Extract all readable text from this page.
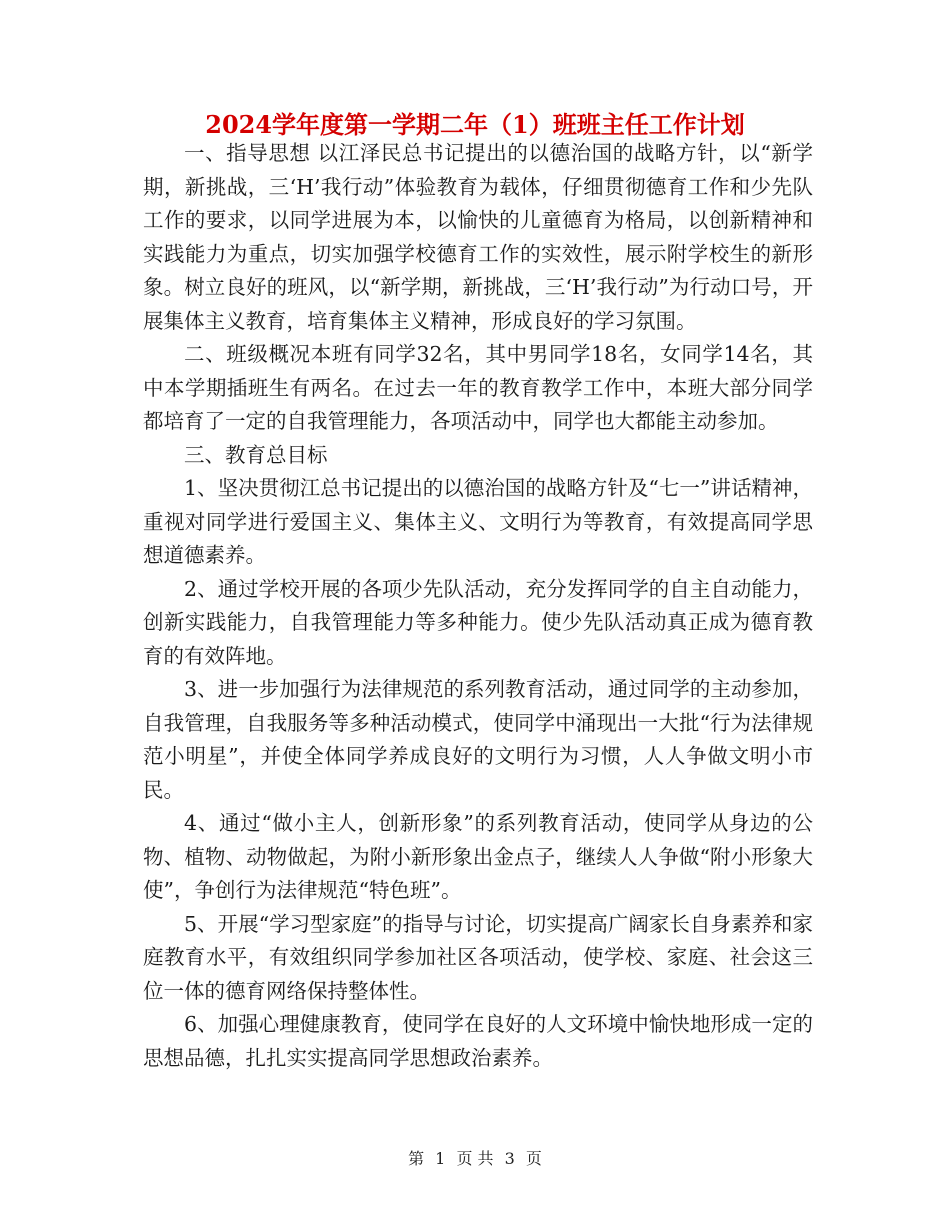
2024学年度第一学期二年（1）班班主任工作计划

一、指导思想 以江泽民总书记提出的以德治国的战略方针，以“新学期，新挑战，三‘H’我行动”体验教育为载体，仔细贯彻德育工作和少先队工作的要求，以同学进展为本，以愉快的儿童德育为格局，以创新精神和实践能力为重点，切实加强学校德育工作的实效性，展示附学校生的新形象。树立良好的班风，以“新学期，新挑战，三‘H’我行动”为行动口号，开展集体主义教育，培育集体主义精神，形成良好的学习氛围。

二、班级概况本班有同学32名，其中男同学18名，女同学14名，其中本学期插班生有两名。在过去一年的教育教学工作中，本班大部分同学都培育了一定的自我管理能力，各项活动中，同学也大都能主动参加。

三、教育总目标

1、坚决贯彻江总书记提出的以德治国的战略方针及“七一”讲话精神，重视对同学进行爱国主义、集体主义、文明行为等教育，有效提高同学思想道德素养。

2、通过学校开展的各项少先队活动，充分发挥同学的自主自动能力，创新实践能力，自我管理能力等多种能力。使少先队活动真正成为德育教育的有效阵地。

3、进一步加强行为法律规范的系列教育活动，通过同学的主动参加，自我管理，自我服务等多种活动模式，使同学中涌现出一大批“行为法律规范小明星”，并使全体同学养成良好的文明行为习惯，人人争做文明小市民。

4、通过“做小主人，创新形象”的系列教育活动，使同学从身边的公物、植物、动物做起，为附小新形象出金点子，继续人人争做“附小形象大使”，争创行为法律规范“特色班”。

5、开展“学习型家庭”的指导与讨论，切实提高广阔家长自身素养和家庭教育水平，有效组织同学参加社区各项活动，使学校、家庭、社会这三位一体的德育网络保持整体性。

6、加强心理健康教育，使同学在良好的人文环境中愉快地形成一定的思想品德，扎扎实实提高同学思想政治素养。

第 1 页 共 3 页
